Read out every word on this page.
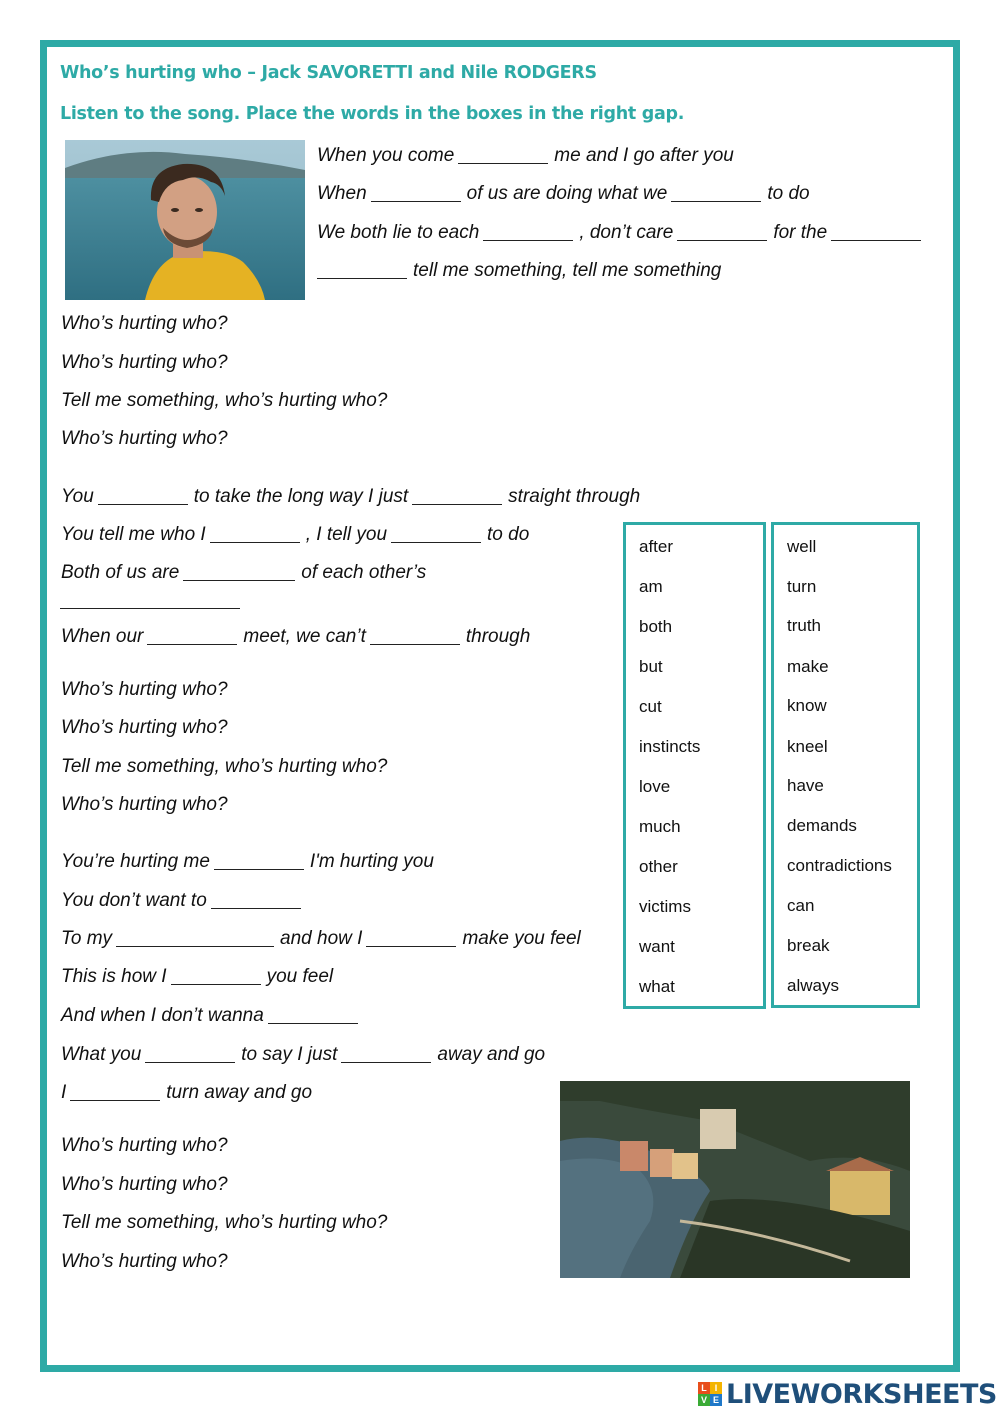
Who’s hurting who – Jack SAVORETTI and Nile RODGERS
Listen to the song. Place the words in the boxes in the right gap.
When you come	me and I go after you
When	of us are doing what we	to do
We both lie to each	, don’t care	for the
tell me something, tell me something
Who’s hurting who?
Who’s hurting who?
Tell me something, who’s hurting who?
Who’s hurting who?
You	to take the long way I just	straight through
You tell me who I	, I tell you	to do
Both of us are	of each other’s
When our	meet, we can’t	through
Who’s hurting who?
Who’s hurting who?
Tell me something, who’s hurting who?
Who’s hurting who?
You’re hurting me	I'm hurting you
You don’t want to
To my	and how I	make you feel
This is how I	you feel
And when I don’t wanna
What you	to say I just	away and go
I	turn away and go
Who’s hurting who?
Who’s hurting who?
Tell me something, who’s hurting who?
Who’s hurting who?
after
am
both
but
cut
instincts
love
much
other
victims
want
what
well
turn
truth
make
know
kneel
have
demands
contradictions
can
break
always
L I
V E LIVEWORKSHEETS
